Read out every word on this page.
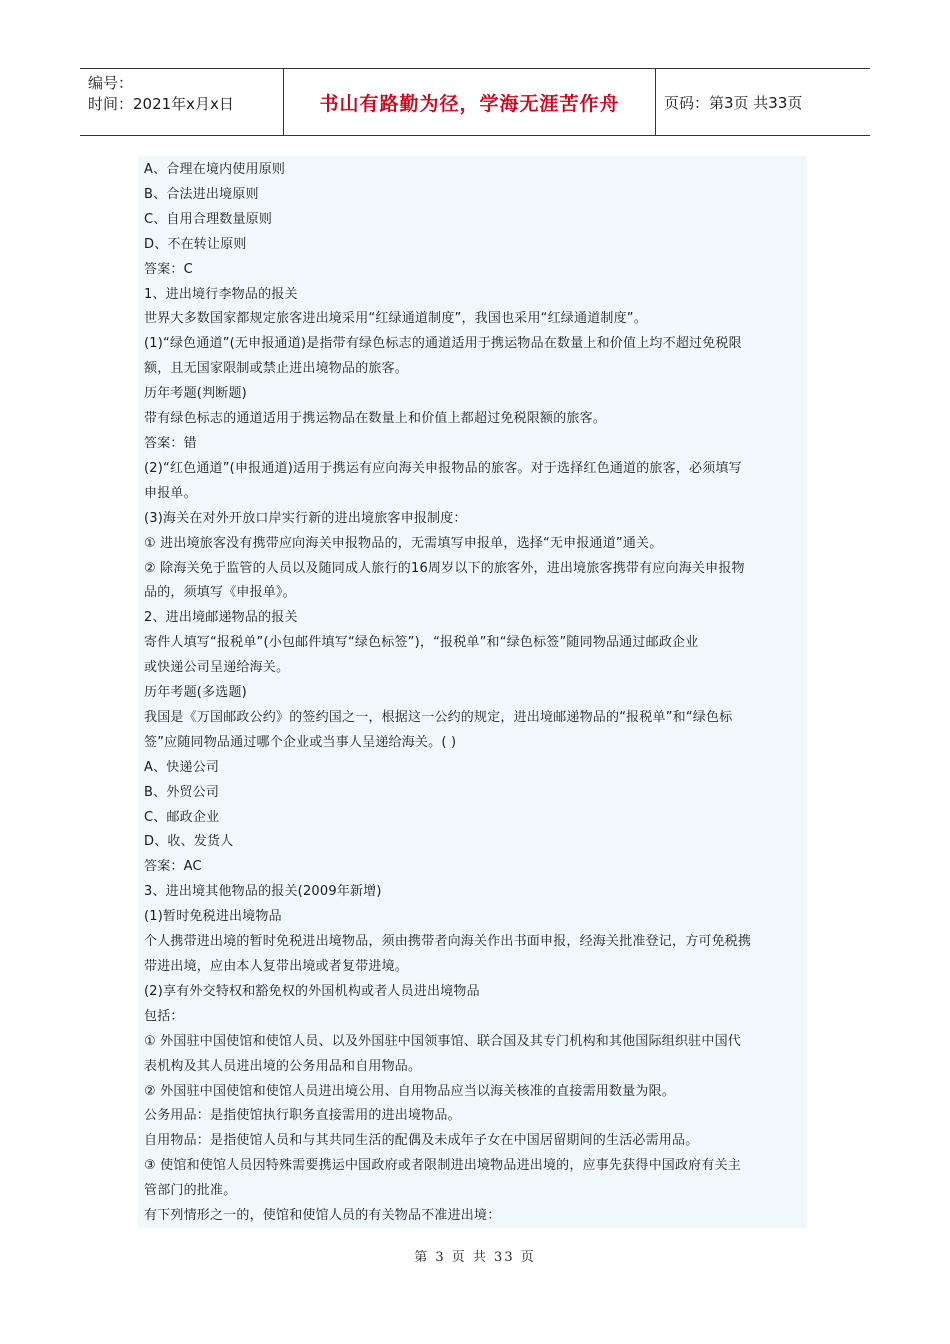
编号：
时间：2021年x月x日	书山有路勤为径，学海无涯苦作舟	页码：第3页 共33页
A、合理在境内使用原则
B、合法进出境原则
C、自用合理数量原则
D、不在转让原则
答案：C
1、进出境行李物品的报关
世界大多数国家都规定旅客进出境采用“红绿通道制度”，我国也采用“红绿通道制度”。
(1)“绿色通道”(无申报通道)是指带有绿色标志的通道适用于携运物品在数量上和价值上均不超过免税限
额，且无国家限制或禁止进出境物品的旅客。
历年考题(判断题)
带有绿色标志的通道适用于携运物品在数量上和价值上都超过免税限额的旅客。
答案：错
(2)“红色通道”(申报通道)适用于携运有应向海关申报物品的旅客。对于选择红色通道的旅客，必须填写
申报单。
(3)海关在对外开放口岸实行新的进出境旅客申报制度：
① 进出境旅客没有携带应向海关申报物品的，无需填写申报单，选择“无申报通道”通关。
② 除海关免于监管的人员以及随同成人旅行的16周岁以下的旅客外，进出境旅客携带有应向海关申报物
品的，须填写《申报单》。
2、进出境邮递物品的报关
寄件人填写“报税单”(小包邮件填写“绿色标签”)，“报税单”和“绿色标签”随同物品通过邮政企业
或快递公司呈递给海关。
历年考题(多选题)
我国是《万国邮政公约》的签约国之一，根据这一公约的规定，进出境邮递物品的“报税单”和“绿色标
签”应随同物品通过哪个企业或当事人呈递给海关。( )
A、快递公司
B、外贸公司
C、邮政企业
D、收、发货人
答案：AC
3、进出境其他物品的报关(2009年新增)
(1)暂时免税进出境物品
个人携带进出境的暂时免税进出境物品，须由携带者向海关作出书面申报，经海关批准登记，方可免税携
带进出境，应由本人复带出境或者复带进境。
(2)享有外交特权和豁免权的外国机构或者人员进出境物品
包括：
① 外国驻中国使馆和使馆人员、以及外国驻中国领事馆、联合国及其专门机构和其他国际组织驻中国代
表机构及其人员进出境的公务用品和自用物品。
② 外国驻中国使馆和使馆人员进出境公用、自用物品应当以海关核准的直接需用数量为限。
公务用品：是指使馆执行职务直接需用的进出境物品。
自用物品：是指使馆人员和与其共同生活的配偶及未成年子女在中国居留期间的生活必需用品。
③ 使馆和使馆人员因特殊需要携运中国政府或者限制进出境物品进出境的，应事先获得中国政府有关主
管部门的批准。
有下列情形之一的，使馆和使馆人员的有关物品不准进出境：
第 3 页 共 33 页
